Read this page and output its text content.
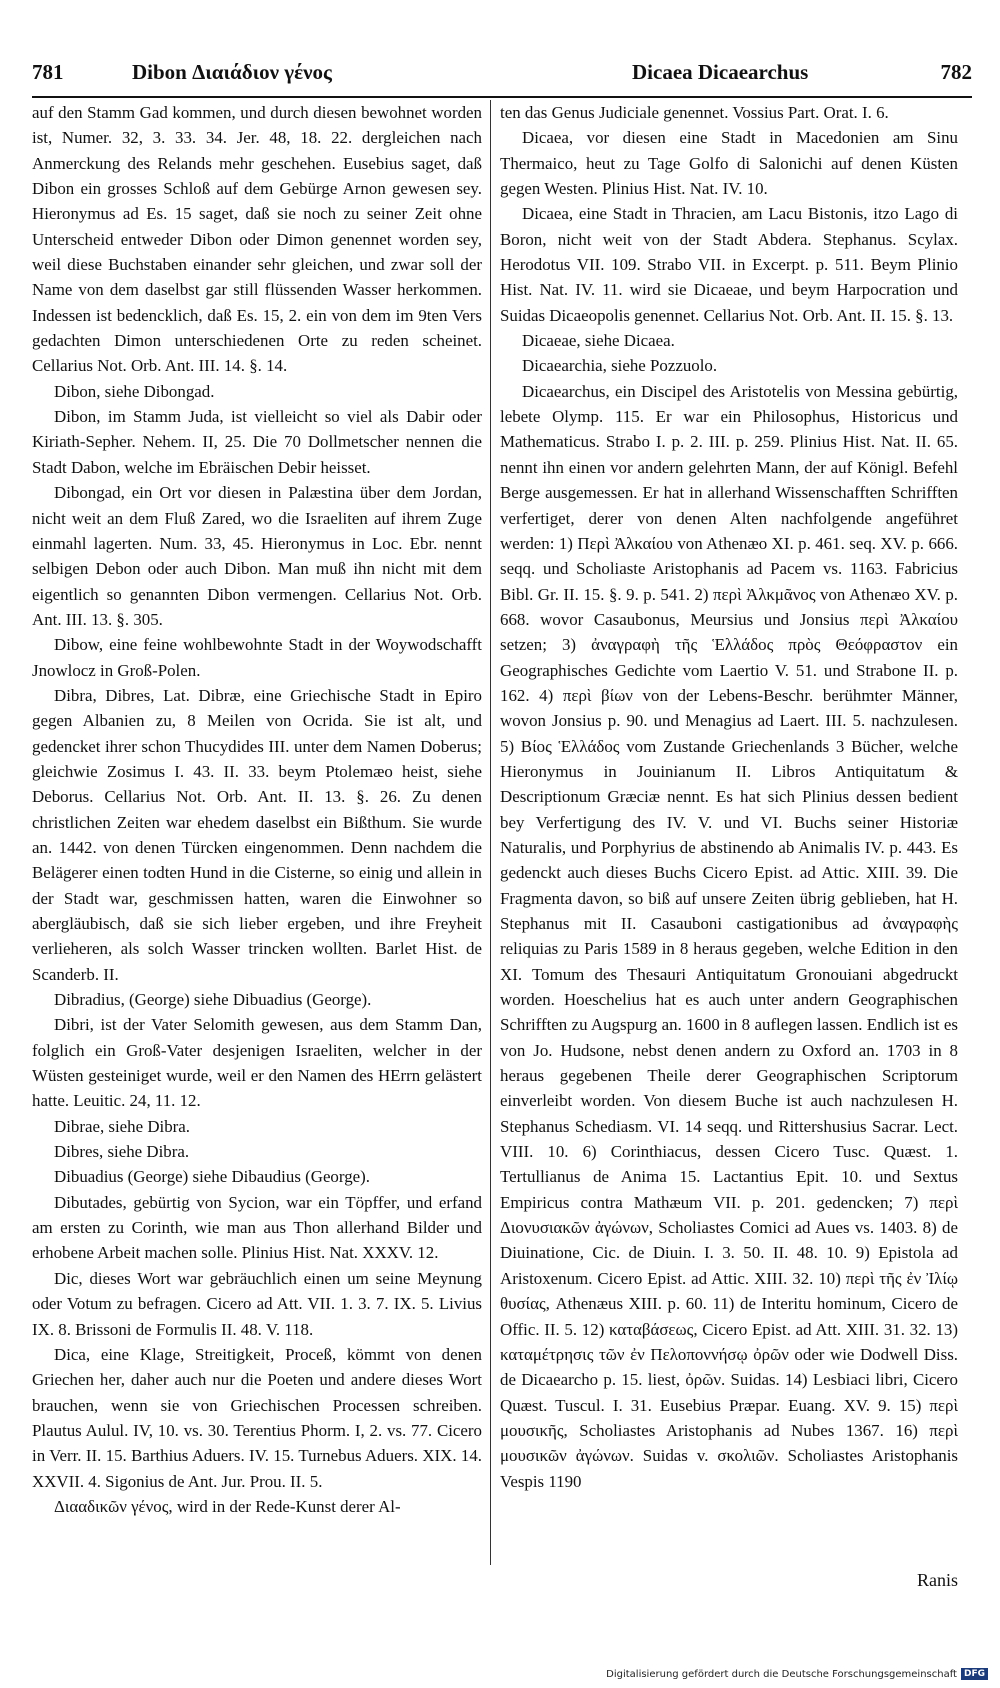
781	Dibon Διαιάδιον γένος	Dicaea Dicaearchus	782

auf den Stamm Gad kommen, und durch diesen bewohnet worden ist, Numer. 32, 3. 33. 34. Jer. 48, 18. 22. dergleichen nach Anmerckung des Relands mehr geschehen. Eusebius saget, daß Dibon ein grosses Schloß auf dem Gebürge Arnon gewesen sey. Hieronymus ad Es. 15 saget, daß sie noch zu seiner Zeit ohne Unterscheid entweder Dibon oder Dimon genennet worden sey, weil diese Buchstaben einander sehr gleichen, und zwar soll der Name von dem daselbst gar still flüssenden Wasser herkommen. Indessen ist bedencklich, daß Es. 15, 2. ein von dem im 9ten Vers gedachten Dimon unterschiedenen Orte zu reden scheinet. Cellarius Not. Orb. Ant. III. 14. §. 14.

Dibon, siehe Dibongad.

Dibon, im Stamm Juda, ist vielleicht so viel als Dabir oder Kiriath-Sepher. Nehem. II, 25. Die 70 Dollmetscher nennen die Stadt Dabon, welche im Ebräischen Debir heisset.

Dibongad, ein Ort vor diesen in Palæstina über dem Jordan, nicht weit an dem Fluß Zared, wo die Israeliten auf ihrem Zuge einmahl lagerten. Num. 33, 45. Hieronymus in Loc. Ebr. nennt selbigen Debon oder auch Dibon. Man muß ihn nicht mit dem eigentlich so genannten Dibon vermengen. Cellarius Not. Orb. Ant. III. 13. §. 305.

Dibow, eine feine wohlbewohnte Stadt in der Woywodschafft Jnowlocz in Groß-Polen.

Dibra, Dibres, Lat. Dibræ, eine Griechische Stadt in Epiro gegen Albanien zu, 8 Meilen von Ocrida. Sie ist alt, und gedencket ihrer schon Thucydides III. unter dem Namen Doberus; gleichwie Zosimus I. 43. II. 33. beym Ptolemæo heist, siehe Deborus. Cellarius Not. Orb. Ant. II. 13. §. 26. Zu denen christlichen Zeiten war ehedem daselbst ein Bißthum. Sie wurde an. 1442. von denen Türcken eingenommen. Denn nachdem die Belägerer einen todten Hund in die Cisterne, so einig und allein in der Stadt war, geschmissen hatten, waren die Einwohner so abergläubisch, daß sie sich lieber ergeben, und ihre Freyheit verlieheren, als solch Wasser trincken wollten. Barlet Hist. de Scanderb. II.

Dibradius, (George) siehe Dibuadius (George).

Dibri, ist der Vater Selomith gewesen, aus dem Stamm Dan, folglich ein Groß-Vater desjenigen Israeliten, welcher in der Wüsten gesteiniget wurde, weil er den Namen des HErrn gelästert hatte. Leuitic. 24, 11. 12.

Dibrae, siehe Dibra.

Dibres, siehe Dibra.

Dibuadius (George) siehe Dibaudius (George).

Dibutades, gebürtig von Sycion, war ein Töpffer, und erfand am ersten zu Corinth, wie man aus Thon allerhand Bilder und erhobene Arbeit machen solle. Plinius Hist. Nat. XXXV. 12.

Dic, dieses Wort war gebräuchlich einen um seine Meynung oder Votum zu befragen. Cicero ad Att. VII. 1. 3. 7. IX. 5. Livius IX. 8. Brissoni de Formulis II. 48. V. 118.

Dica, eine Klage, Streitigkeit, Proceß, kömmt von denen Griechen her, daher auch nur die Poeten und andere dieses Wort brauchen, wenn sie von Griechischen Processen schreiben. Plautus Aulul. IV, 10. vs. 30. Terentius Phorm. I, 2. vs. 77. Cicero in Verr. II. 15. Barthius Aduers. IV. 15. Turnebus Aduers. XIX. 14. XXVII. 4. Sigonius de Ant. Jur. Prou. II. 5.

Διααδικῶν γένος, wird in der Rede-Kunst derer Al-

ten das Genus Judiciale genennet. Vossius Part. Orat. I. 6.

Dicaea, vor diesen eine Stadt in Macedonien am Sinu Thermaico, heut zu Tage Golfo di Salonichi auf denen Küsten gegen Westen. Plinius Hist. Nat. IV. 10.

Dicaea, eine Stadt in Thracien, am Lacu Bistonis, itzo Lago di Boron, nicht weit von der Stadt Abdera. Stephanus. Scylax. Herodotus VII. 109. Strabo VII. in Excerpt. p. 511. Beym Plinio Hist. Nat. IV. 11. wird sie Dicaeae, und beym Harpocration und Suidas Dicaeopolis genennet. Cellarius Not. Orb. Ant. II. 15. §. 13.

Dicaeae, siehe Dicaea.

Dicaearchia, siehe Pozzuolo.

Dicaearchus, ein Discipel des Aristotelis von Messina gebürtig, lebete Olymp. 115. Er war ein Philosophus, Historicus und Mathematicus. Strabo I. p. 2. III. p. 259. Plinius Hist. Nat. II. 65. nennt ihn einen vor andern gelehrten Mann, der auf Königl. Befehl Berge ausgemessen. Er hat in allerhand Wissenschafften Schrifften verfertiget, derer von denen Alten nachfolgende angeführet werden: 1) Περὶ Ἀλκαίου von Athenæo XI. p. 461. seq. XV. p. 666. seqq. und Scholiaste Aristophanis ad Pacem vs. 1163. Fabricius Bibl. Gr. II. 15. §. 9. p. 541. 2) περὶ Ἀλκμᾶνος von Athenæo XV. p. 668. wovor Casaubonus, Meursius und Jonsius περὶ Ἀλκαίου setzen; 3) ἀναγραφὴ τῆς Ἑλλάδος πρὸς Θεόφραστον ein Geographisches Gedichte vom Laertio V. 51. und Strabone II. p. 162. 4) περὶ βίων von der Lebens-Beschr. berühmter Männer, wovon Jonsius p. 90. und Menagius ad Laert. III. 5. nachzulesen. 5) Βίος Ἑλλάδος vom Zustande Griechenlands 3 Bücher, welche Hieronymus in Jouinianum II. Libros Antiquitatum & Descriptionum Græciæ nennt. Es hat sich Plinius dessen bedient bey Verfertigung des IV. V. und VI. Buchs seiner Historiæ Naturalis, und Porphyrius de abstinendo ab Animalis IV. p. 443. Es gedenckt auch dieses Buchs Cicero Epist. ad Attic. XIII. 39. Die Fragmenta davon, so biß auf unsere Zeiten übrig geblieben, hat H. Stephanus mit II. Casauboni castigationibus ad ἀναγραφὴς reliquias zu Paris 1589 in 8 heraus gegeben, welche Edition in den XI. Tomum des Thesauri Antiquitatum Gronouiani abgedruckt worden. Hoeschelius hat es auch unter andern Geographischen Schrifften zu Augspurg an. 1600 in 8 auflegen lassen. Endlich ist es von Jo. Hudsone, nebst denen andern zu Oxford an. 1703 in 8 heraus gegebenen Theile derer Geographischen Scriptorum einverleibt worden. Von diesem Buche ist auch nachzulesen H. Stephanus Schediasm. VI. 14 seqq. und Rittershusius Sacrar. Lect. VIII. 10. 6) Corinthiacus, dessen Cicero Tusc. Quæst. 1. Tertullianus de Anima 15. Lactantius Epit. 10. und Sextus Empiricus contra Mathæum VII. p. 201. gedencken; 7) περὶ Διονυσιακῶν ἀγώνων, Scholiastes Comici ad Aues vs. 1403. 8) de Diuinatione, Cic. de Diuin. I. 3. 50. II. 48. 10. 9) Epistola ad Aristoxenum. Cicero Epist. ad Attic. XIII. 32. 10) περὶ τῆς ἐν Ἰλίῳ θυσίας, Athenæus XIII. p. 60. 11) de Interitu hominum, Cicero de Offic. II. 5. 12) καταβάσεως, Cicero Epist. ad Att. XIII. 31. 32. 13) καταμέτρησις τῶν ἐν Πελοποννήσῳ ὀρῶν oder wie Dodwell Diss. de Dicaearcho p. 15. liest, ὀρῶν. Suidas. 14) Lesbiaci libri, Cicero Quæst. Tuscul. I. 31. Eusebius Præpar. Euang. XV. 9. 15) περὶ μουσικῆς, Scholiastes Aristophanis ad Nubes 1367. 16) περὶ μουσικῶν ἀγώνων. Suidas v. σκολιῶν. Scholiastes Aristophanis Vespis 1190

Ranis
Digitalisierung gefördert durch die Deutsche Forschungsgemeinschaft DFG
